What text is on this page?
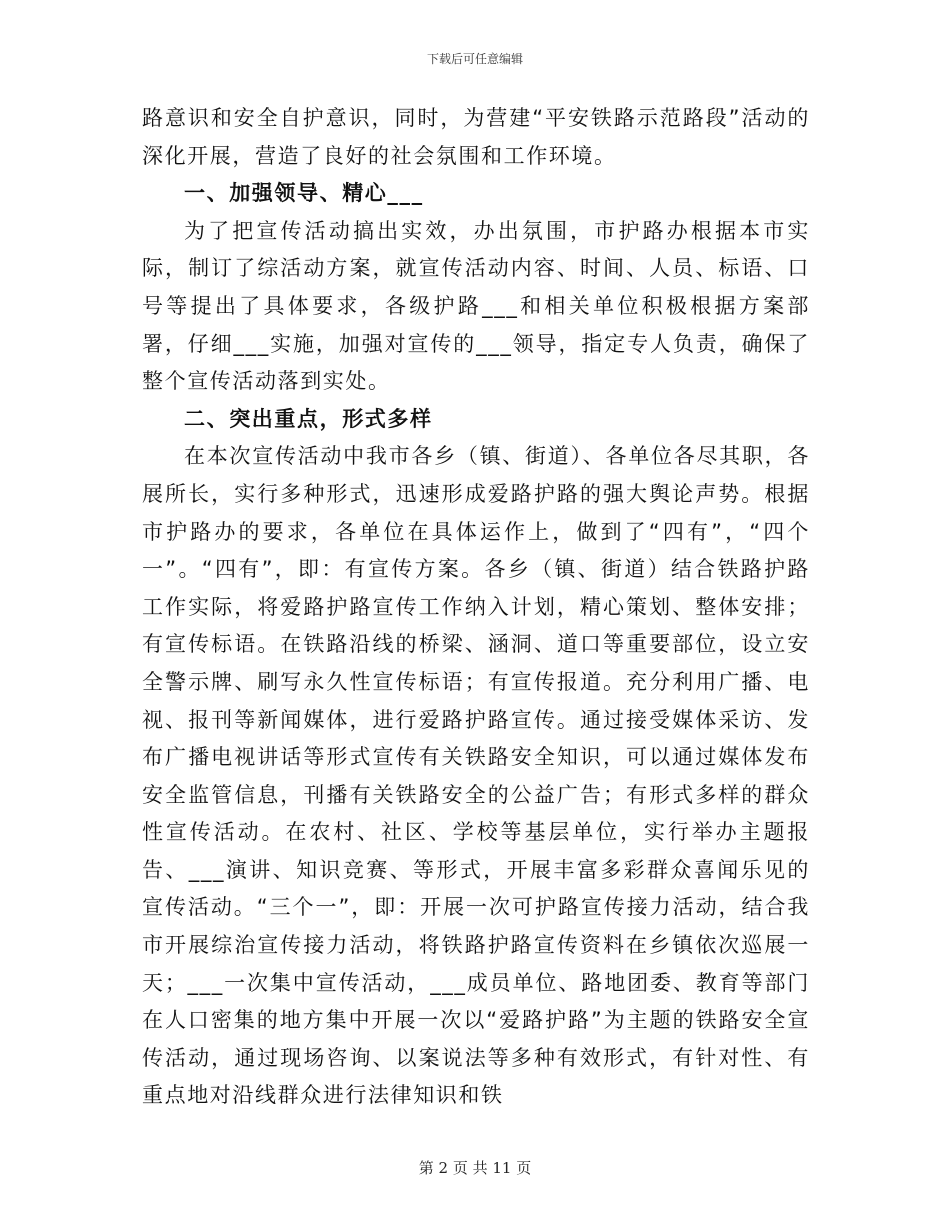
下载后可任意编辑

路意识和安全自护意识，同时，为营建“平安铁路示范路段”活动的深化开展，营造了良好的社会氛围和工作环境。

一、加强领导、精心___

为了把宣传活动搞出实效，办出氛围，市护路办根据本市实际，制订了综活动方案，就宣传活动内容、时间、人员、标语、口号等提出了具体要求，各级护路___和相关单位积极根据方案部署，仔细___实施，加强对宣传的___领导，指定专人负责，确保了整个宣传活动落到实处。

二、突出重点，形式多样

在本次宣传活动中我市各乡（镇、街道）、各单位各尽其职，各展所长，实行多种形式，迅速形成爱路护路的强大舆论声势。根据市护路办的要求，各单位在具体运作上，做到了“四有”，“四个一”。“四有”，即：有宣传方案。各乡（镇、街道）结合铁路护路工作实际，将爱路护路宣传工作纳入计划，精心策划、整体安排；有宣传标语。在铁路沿线的桥梁、涵洞、道口等重要部位，设立安全警示牌、刷写永久性宣传标语；有宣传报道。充分利用广播、电视、报刊等新闻媒体，进行爱路护路宣传。通过接受媒体采访、发布广播电视讲话等形式宣传有关铁路安全知识，可以通过媒体发布安全监管信息，刊播有关铁路安全的公益广告；有形式多样的群众性宣传活动。在农村、社区、学校等基层单位，实行举办主题报告、___演讲、知识竞赛、等形式，开展丰富多彩群众喜闻乐见的宣传活动。“三个一”，即：开展一次可护路宣传接力活动，结合我市开展综治宣传接力活动，将铁路护路宣传资料在乡镇依次巡展一天；___一次集中宣传活动，___成员单位、路地团委、教育等部门在人口密集的地方集中开展一次以“爱路护路”为主题的铁路安全宣传活动，通过现场咨询、以案说法等多种有效形式，有针对性、有重点地对沿线群众进行法律知识和铁

第 2 页 共 11 页
